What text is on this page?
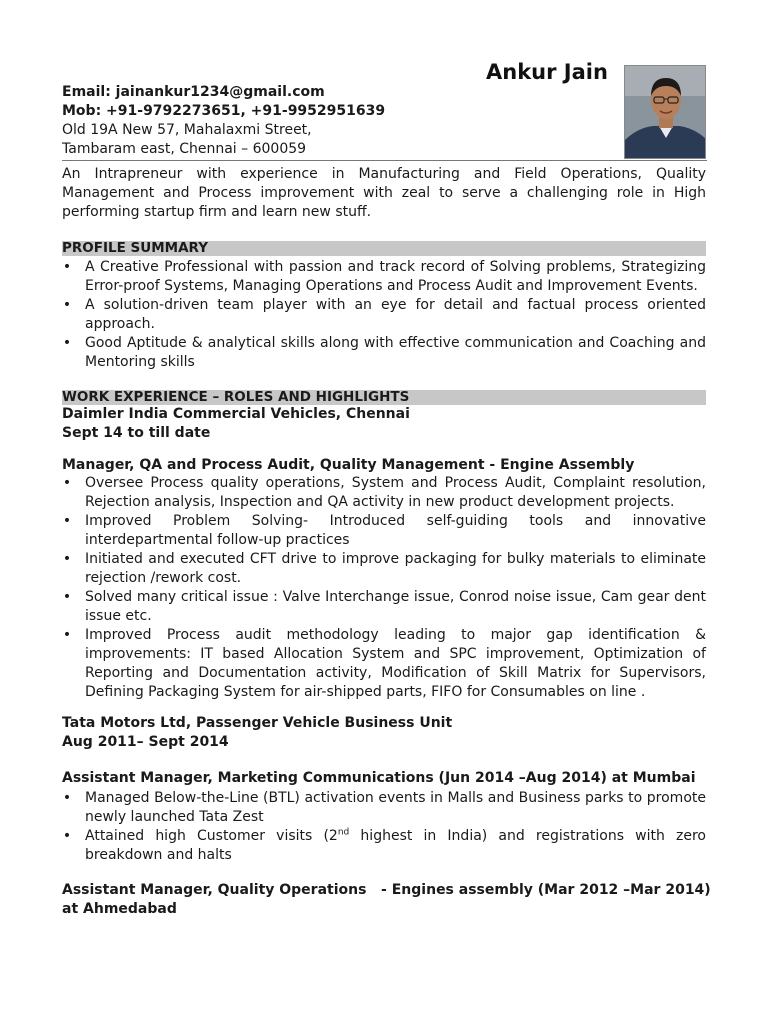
Ankur Jain
Email: jainankur1234@gmail.com
Mob: +91-9792273651, +91-9952951639
Old 19A New 57, Mahalaxmi Street,
Tambaram east, Chennai – 600059
An Intrapreneur with experience in Manufacturing and Field Operations, Quality Management and Process improvement with zeal to serve a challenging role in High performing startup firm and learn new stuff.
PROFILE SUMMARY
• A Creative Professional with passion and track record of Solving problems, Strategizing Error-proof Systems, Managing Operations and Process Audit and Improvement Events.
• A solution-driven team player with an eye for detail and factual process oriented approach.
• Good Aptitude & analytical skills along with effective communication and Coaching and Mentoring skills
WORK EXPERIENCE – ROLES AND HIGHLIGHTS
Daimler India Commercial Vehicles, Chennai
Sept 14 to till date
Manager, QA and Process Audit, Quality Management - Engine Assembly
• Oversee Process quality operations, System and Process Audit, Complaint resolution, Rejection analysis, Inspection and QA activity in new product development projects.
• Improved Problem Solving- Introduced self-guiding tools and innovative interdepartmental follow-up practices
• Initiated and executed CFT drive to improve packaging for bulky materials to eliminate rejection /rework cost.
• Solved many critical issue : Valve Interchange issue, Conrod noise issue, Cam gear dent issue etc.
• Improved Process audit methodology leading to major gap identification & improvements: IT based Allocation System and SPC improvement, Optimization of Reporting and Documentation activity, Modification of Skill Matrix for Supervisors, Defining Packaging System for air-shipped parts, FIFO for Consumables on line .
Tata Motors Ltd, Passenger Vehicle Business Unit
Aug 2011– Sept 2014
Assistant Manager, Marketing Communications (Jun 2014 –Aug 2014) at Mumbai
• Managed Below-the-Line (BTL) activation events in Malls and Business parks to promote newly launched Tata Zest
• Attained high Customer visits (2nd highest in India) and registrations with zero breakdown and halts
Assistant Manager, Quality Operations   - Engines assembly (Mar 2012 –Mar 2014)
at Ahmedabad
